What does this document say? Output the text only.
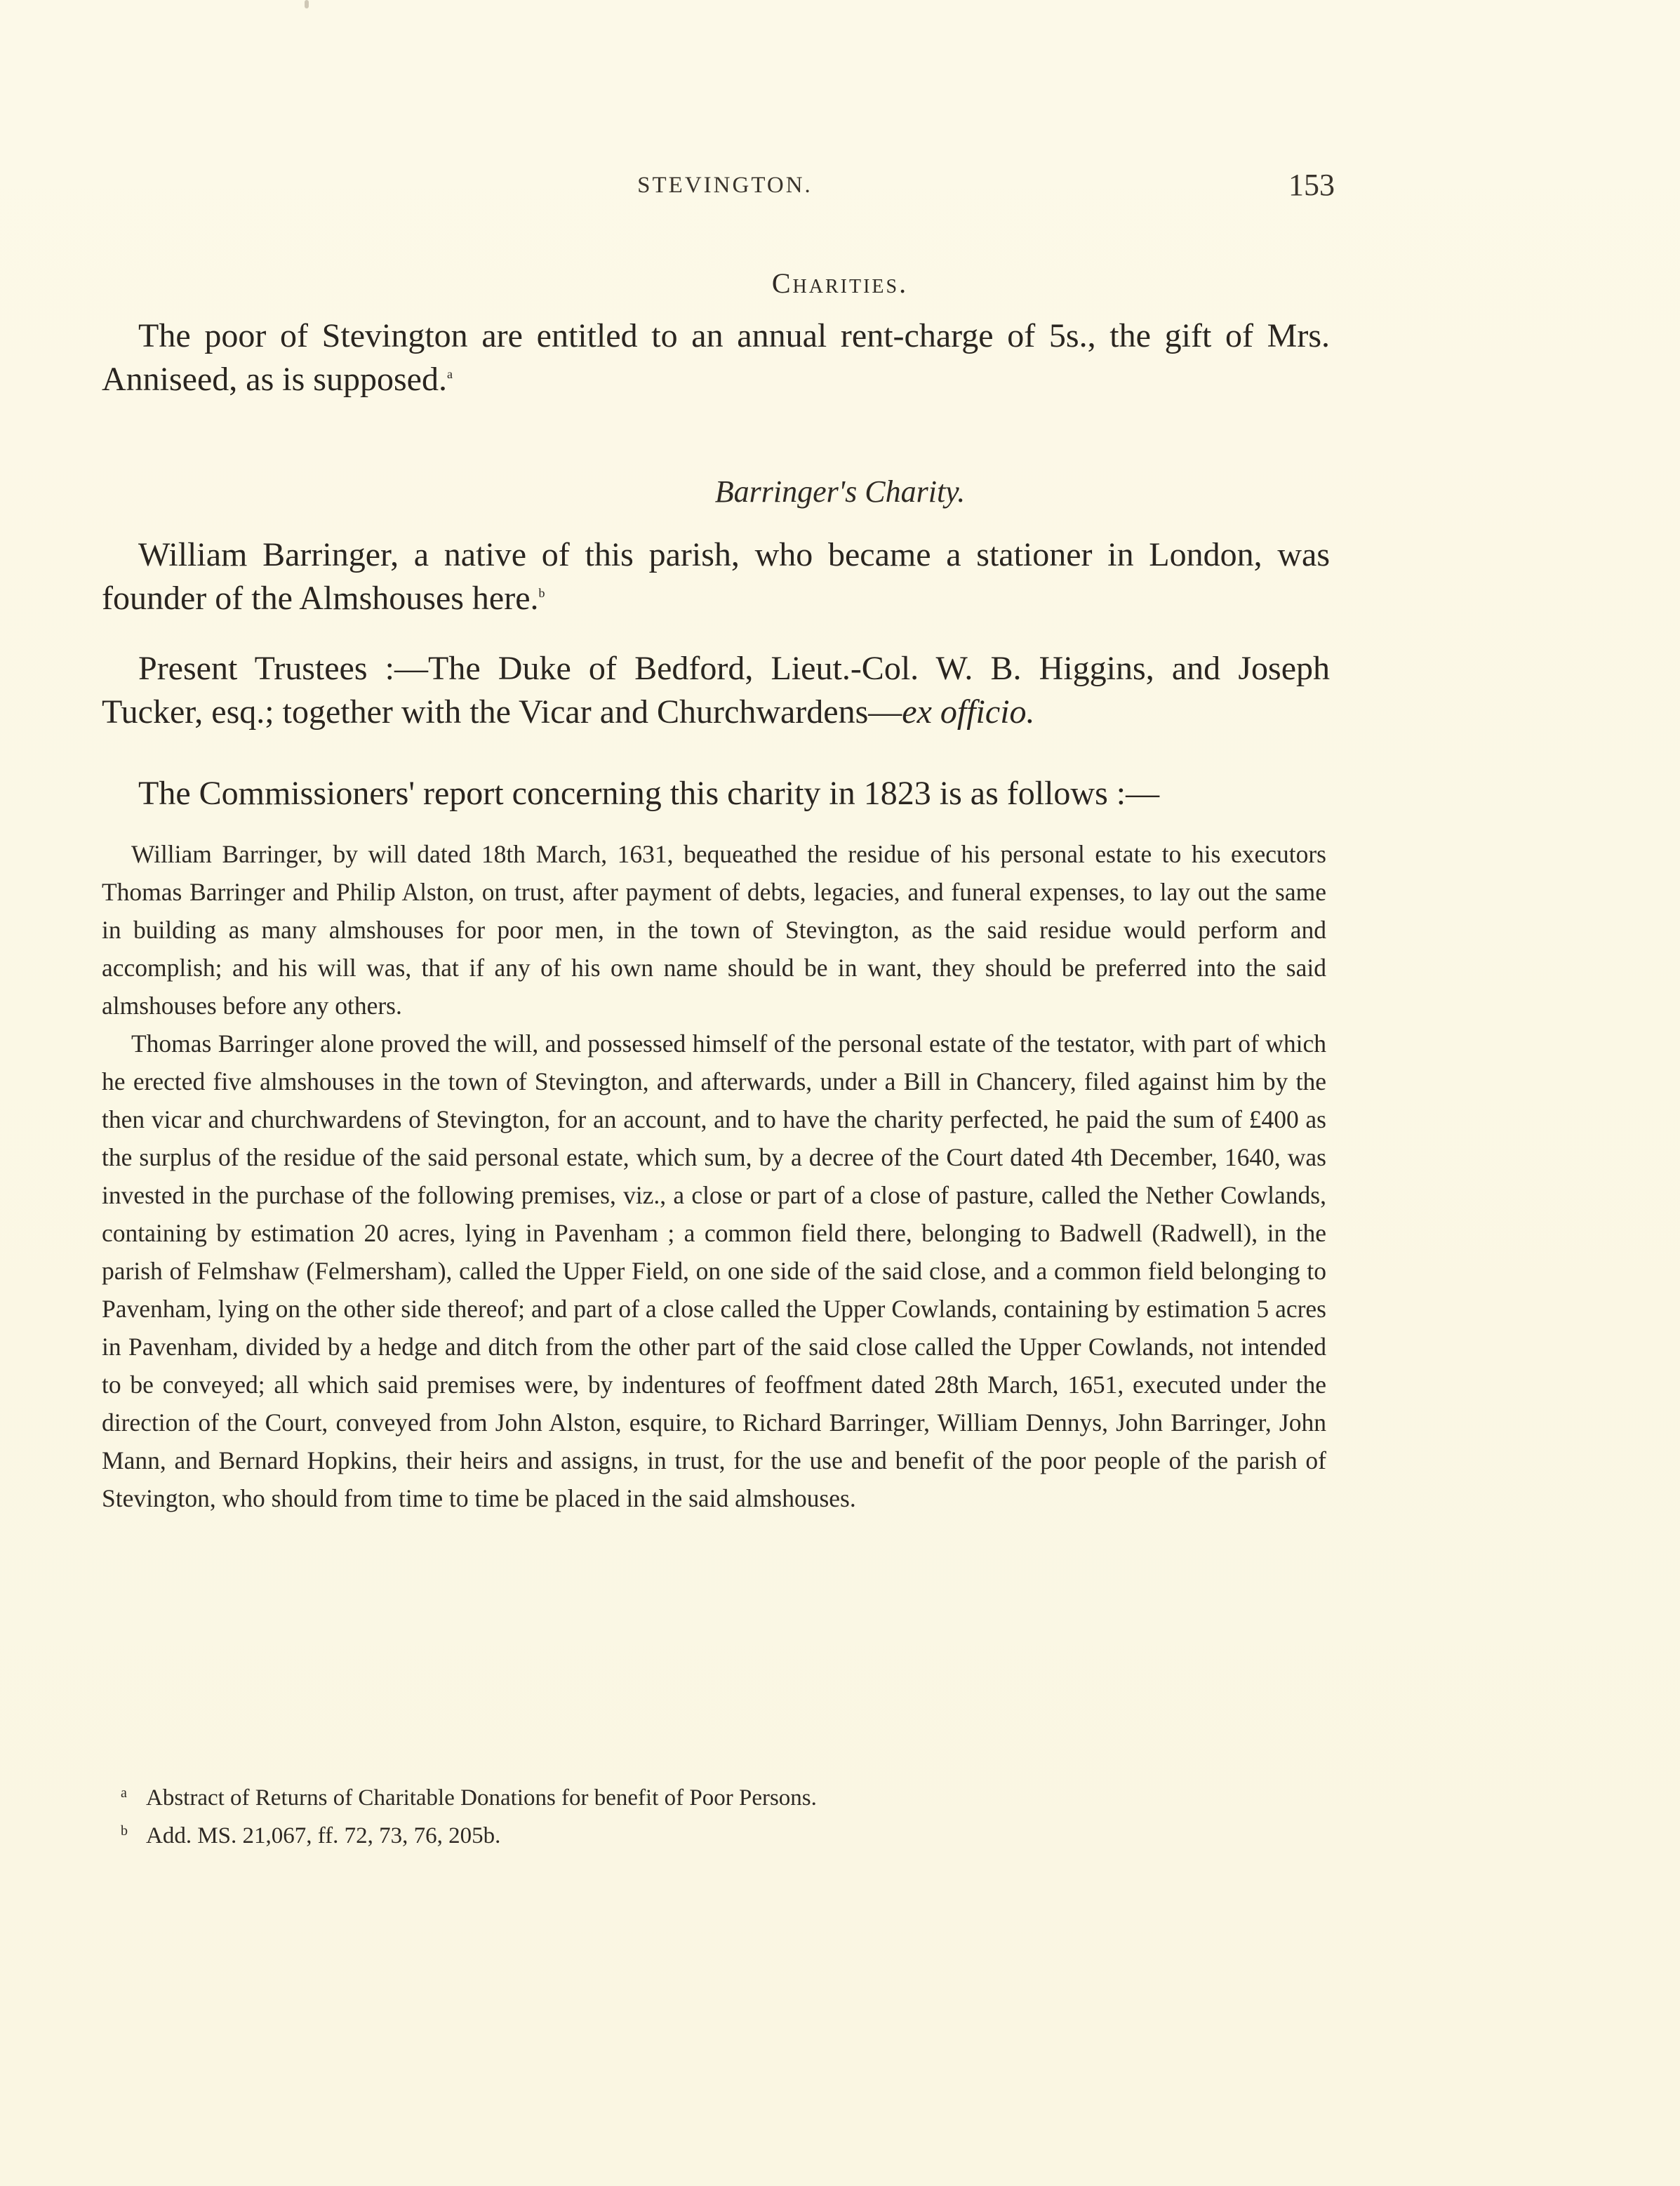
STEVINGTON.	153
Charities.

The poor of Stevington are entitled to an annual rent-charge of 5s., the gift of Mrs. Anniseed, as is supposed.$^a$

Barringer's Charity.

William Barringer, a native of this parish, who became a stationer in London, was founder of the Almshouses here.$^b$

Present Trustees :—The Duke of Bedford, Lieut.-Col. W. B. Higgins, and Joseph Tucker, esq.; together with the Vicar and Churchwardens—ex officio.

The Commissioners' report concerning this charity in 1823 is as follows :—

William Barringer, by will dated 18th March, 1631, bequeathed the residue of his personal estate to his executors Thomas Barringer and Philip Alston, on trust, after payment of debts, legacies, and funeral expenses, to lay out the same in building as many almshouses for poor men, in the town of Stevington, as the said residue would perform and accomplish; and his will was, that if any of his own name should be in want, they should be preferred into the said almshouses before any others.

Thomas Barringer alone proved the will, and possessed himself of the personal estate of the testator, with part of which he erected five almshouses in the town of Stevington, and afterwards, under a Bill in Chancery, filed against him by the then vicar and churchwardens of Stevington, for an account, and to have the charity perfected, he paid the sum of £400 as the surplus of the residue of the said personal estate, which sum, by a decree of the Court dated 4th December, 1640, was invested in the purchase of the following premises, viz., a close or part of a close of pasture, called the Nether Cowlands, containing by estimation 20 acres, lying in Pavenham ; a common field there, belonging to Badwell (Radwell), in the parish of Felmshaw (Felmersham), called the Upper Field, on one side of the said close, and a common field belonging to Pavenham, lying on the other side thereof; and part of a close called the Upper Cowlands, containing by estimation 5 acres in Pavenham, divided by a hedge and ditch from the other part of the said close called the Upper Cowlands, not intended to be conveyed; all which said premises were, by indentures of feoffment dated 28th March, 1651, executed under the direction of the Court, conveyed from John Alston, esquire, to Richard Barringer, William Dennys, John Barringer, John Mann, and Bernard Hopkins, their heirs and assigns, in trust, for the use and benefit of the poor people of the parish of Stevington, who should from time to time be placed in the said almshouses.

a Abstract of Returns of Charitable Donations for benefit of Poor Persons.

b Add. MS. 21,067, ff. 72, 73, 76, 205b.
